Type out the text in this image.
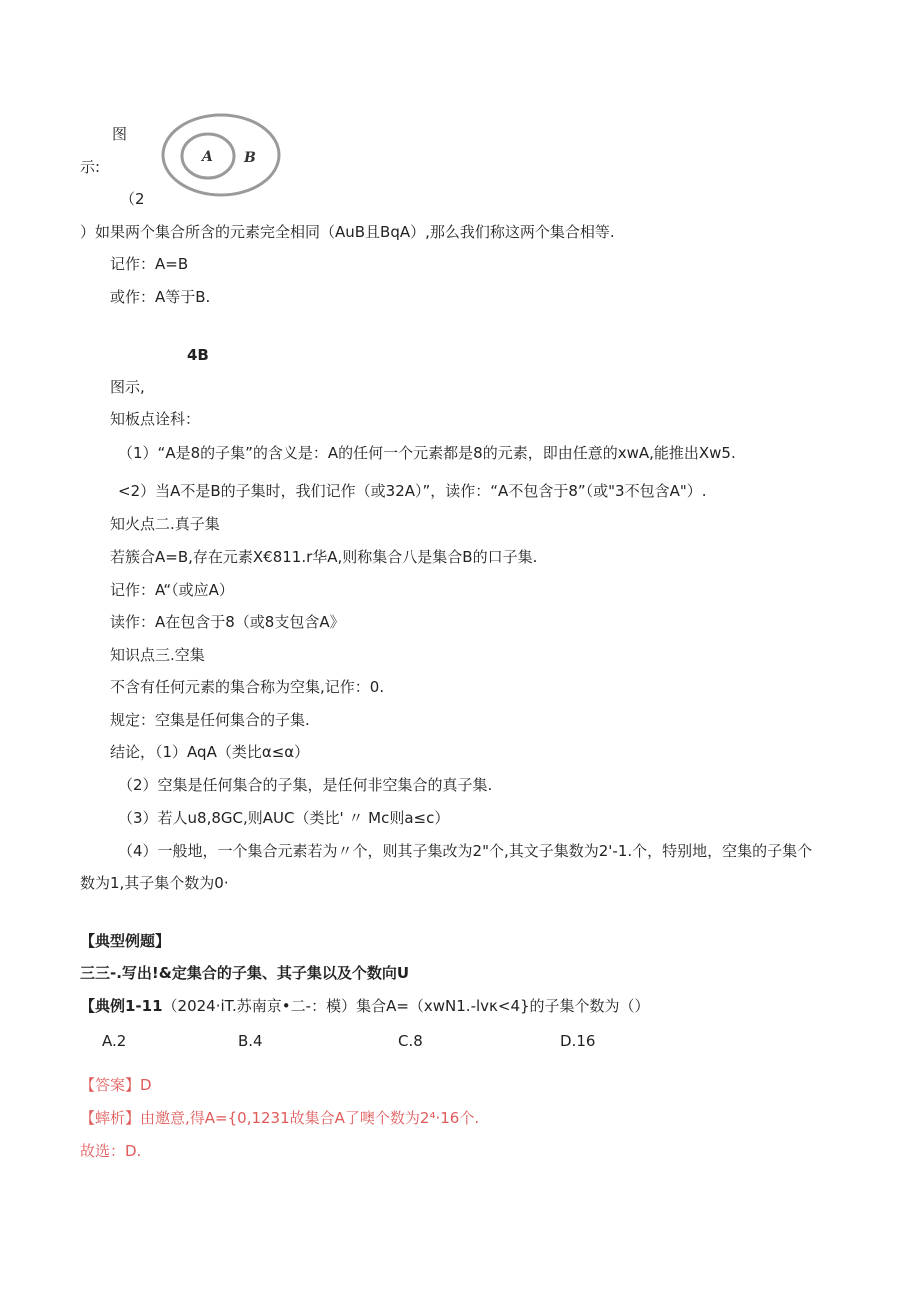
图
示:
A B
（2
）如果两个集合所含的元素完全相同（AuB且BqA）,那么我们称这两个集合相等.
记作：A=B
或作：A等于B.
4B
图示,
知板点诠科：
（1）“A是8的子集”的含义是：A的任何一个元素都是8的元素，即由任意的xwA,能推出Xw5.
<2）当A不是B的子集时，我们记作（或32A）”，读作：“A不包含于8”（或"3不包含A"）.
知火点二.真子集
若簇合A=B,存在元素X€811.r华A,则称集合八是集合B的口子集.
记作：A“（或应A）
读作：A在包含于8（或8支包含A》
知识点三.空集
不含有任何元素的集合称为空集,记作：0.
规定：空集是任何集合的子集.
结论，（1）AqA（类比α≤α）
（2）空集是任何集合的子集，是任何非空集合的真子集.
（3）若人u8,8GC,则AUC（类比' 〃 Mc则a≤c）
（4）一般地，一个集合元素若为〃个，则其子集改为2"个,其文子集数为2'-1.个，特别地，空集的子集个
数为1,其子集个数为0·
【典型例题】
三三-.写出!&定集合的子集、其子集以及个数向U
【典例1-11（2024·iT.苏南京•二-：模）集合A=（xwN1.-lvκ<4}的子集个数为（）
A.2	B.4	C.8	D.16
【答案】D
【蟀析】由邀意,得A={0,1231故集合A了噢个数为2⁴·16个.
故选：D.
